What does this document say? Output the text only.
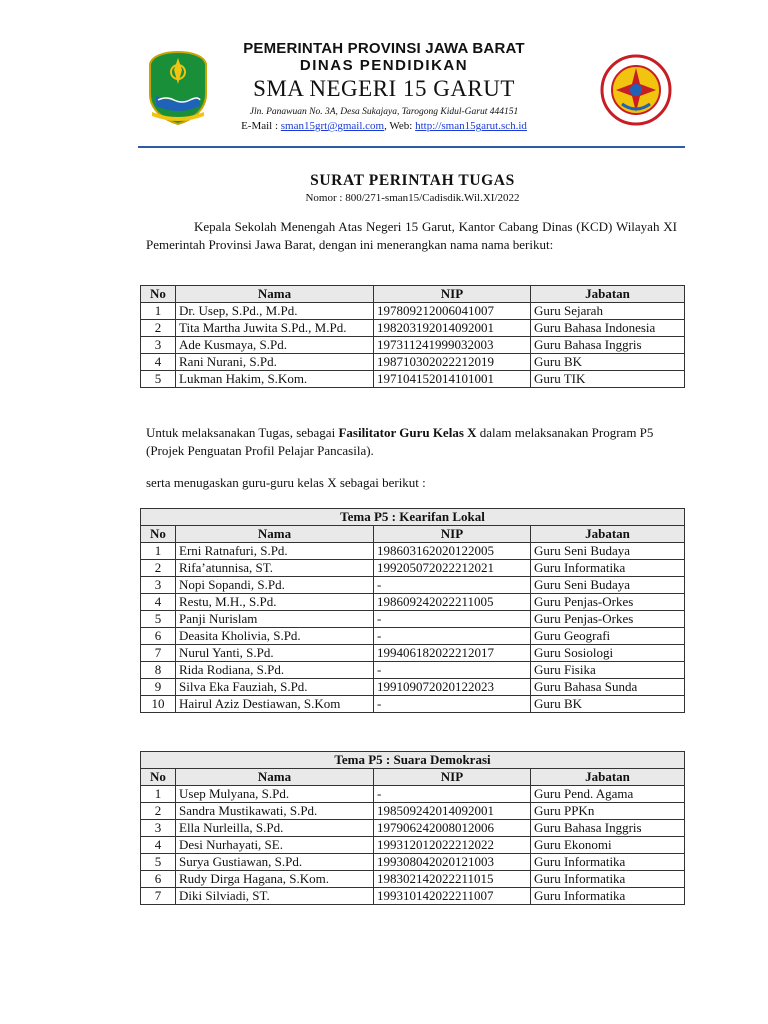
PEMERINTAH PROVINSI JAWA BARAT
DINAS PENDIDIKAN
SMA NEGERI 15 GARUT
Jln. Panawuan No. 3A, Desa Sukajaya, Tarogong Kidul-Garut 444151
E-Mail : sman15grt@gmail.com, Web: http://sman15garut.sch.id
SURAT PERINTAH TUGAS
Nomor : 800/271-sman15/Cadisdik.Wil.XI/2022

Kepala Sekolah Menengah Atas Negeri 15 Garut, Kantor Cabang Dinas (KCD) Wilayah XI Pemerintah Provinsi Jawa Barat, dengan ini menerangkan nama nama berikut:

No	Nama	NIP	Jabatan
1	Dr. Usep, S.Pd., M.Pd.	197809212006041007	Guru Sejarah
2	Tita Martha Juwita S.Pd., M.Pd.	198203192014092001	Guru Bahasa Indonesia
3	Ade Kusmaya, S.Pd.	197311241999032003	Guru Bahasa Inggris
4	Rani Nurani, S.Pd.	198710302022212019	Guru BK
5	Lukman Hakim, S.Kom.	197104152014101001	Guru TIK

Untuk melaksanakan Tugas, sebagai Fasilitator Guru Kelas X dalam melaksanakan Program P5 (Projek Penguatan Profil Pelajar Pancasila).

serta menugaskan guru-guru kelas X sebagai berikut :

Tema P5 : Kearifan Lokal			
No	Nama	NIP	Jabatan
1	Erni Ratnafuri, S.Pd.	198603162020122005	Guru Seni Budaya
2	Rifa’atunnisa, ST.	199205072022212021	Guru Informatika
3	Nopi Sopandi, S.Pd.	-	Guru Seni Budaya
4	Restu, M.H., S.Pd.	198609242022211005	Guru Penjas-Orkes
5	Panji Nurislam	-	Guru Penjas-Orkes
6	Deasita Kholivia, S.Pd.	-	Guru Geografi
7	Nurul Yanti, S.Pd.	199406182022212017	Guru Sosiologi
8	Rida Rodiana, S.Pd.	-	Guru Fisika
9	Silva Eka Fauziah, S.Pd.	199109072020122023	Guru Bahasa Sunda
10	Hairul Aziz Destiawan, S.Kom	-	Guru BK
Tema P5 : Suara Demokrasi			
No	Nama	NIP	Jabatan
1	Usep Mulyana, S.Pd.	-	Guru Pend. Agama
2	Sandra Mustikawati, S.Pd.	198509242014092001	Guru PPKn
3	Ella Nurleilla, S.Pd.	197906242008012006	Guru Bahasa Inggris
4	Desi Nurhayati, SE.	199312012022212022	Guru Ekonomi
5	Surya Gustiawan, S.Pd.	199308042020121003	Guru Informatika
6	Rudy Dirga Hagana, S.Kom.	198302142022211015	Guru Informatika
7	Diki Silviadi, ST.	199310142022211007	Guru Informatika
